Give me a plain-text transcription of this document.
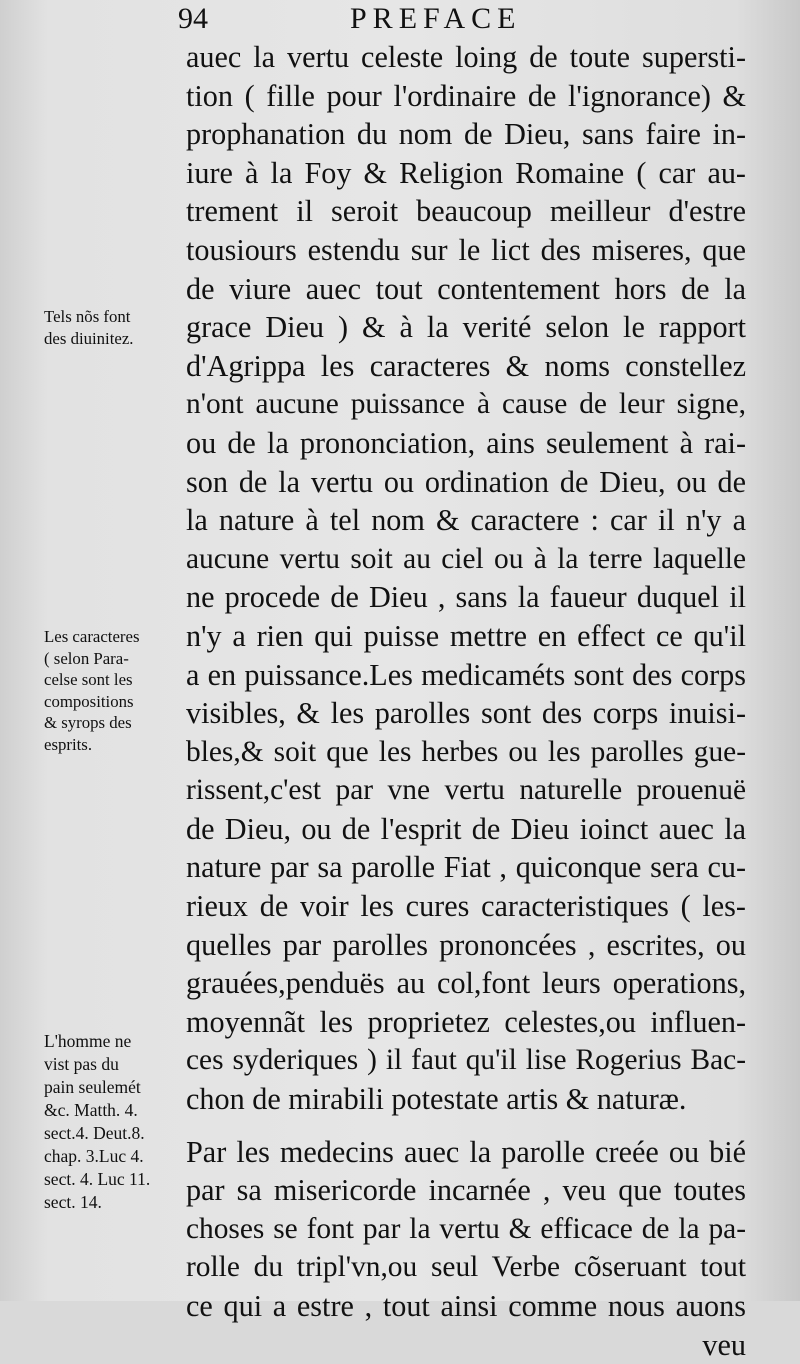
94	PREFACE
auec la vertu celeste loing de toute supersti-
tion ( fille pour l'ordinaire de l'ignorance) &
prophanation du nom de Dieu, sans faire in-
iure à la Foy & Religion Romaine ( car au-
trement il seroit beaucoup meilleur d'estre
tousiours estendu sur le lict des miseres, que
de viure auec tout contentement hors de la
grace Dieu ) & à la verité selon le rapport
d'Agrippa les caracteres & noms constellez
n'ont aucune puissance à cause de leur signe,
ou de la prononciation, ains seulement à rai-
son de la vertu ou ordination de Dieu, ou de
la nature à tel nom & caractere : car il n'y a
aucune vertu soit au ciel ou à la terre laquelle
ne procede de Dieu , sans la faueur duquel il
n'y a rien qui puisse mettre en effect ce qu'il
a en puissance.Les medicaméts sont des corps
visibles, & les parolles sont des corps inuisi-
bles,& soit que les herbes ou les parolles gue-
rissent,c'est par vne vertu naturelle prouenuë
de Dieu, ou de l'esprit de Dieu ioinct auec la
nature par sa parolle Fiat , quiconque sera cu-
rieux de voir les cures caracteristiques ( les-
quelles par parolles prononcées , escrites, ou
grauées,penduës au col,font leurs operations,
moyennãt les proprietez celestes,ou influen-
ces syderiques ) il faut qu'il lise Rogerius Bac-
chon de mirabili potestate artis & naturæ.
Par les medecins auec la parolle creée ou bié
par sa misericorde incarnée , veu que toutes
choses se font par la vertu & efficace de la pa-
rolle du tripl'vn,ou seul Verbe cõseruant tout
ce qui a estre , tout ainsi comme nous auons
veu
Tels nõs font
des diuinitez.
Les caracteres
( selon Para-
celse sont les
compositions
& syrops des
esprits.
L'homme ne
vist pas du
pain seulemét
&c. Matth. 4.
sect.4. Deut.8.
chap. 3.Luc 4.
sect. 4. Luc 11.
sect. 14.
